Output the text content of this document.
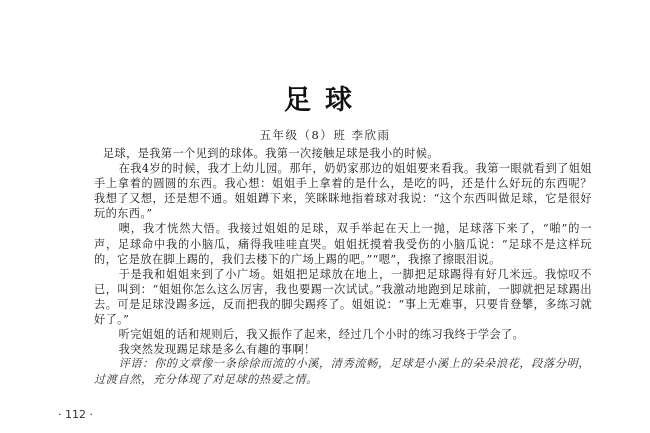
足球
五年级（8）班 李欣雨

足球，是我第一个见到的球体。我第一次接触足球是我小的时候。

在我4岁的时候，我才上幼儿园。那年，奶奶家那边的姐姐要来看我。我第一眼就看到了姐姐手上拿着的圆圆的东西。我心想：姐姐手上拿着的是什么，是吃的吗，还是什么好玩的东西呢？我想了又想，还是想不通。姐姐蹲下来，笑眯眯地指着球对我说：“这个东西叫做足球，它是很好玩的东西。”

噢，我才恍然大悟。我接过姐姐的足球，双手举起在天上一抛，足球落下来了，“啪”的一声，足球命中我的小脑瓜，痛得我哇哇直哭。姐姐抚摸着我受伤的小脑瓜说：“足球不是这样玩的，它是放在脚上踢的，我们去楼下的广场上踢的吧。”“嗯”，我擦了擦眼泪说。

于是我和姐姐来到了小广场。姐姐把足球放在地上，一脚把足球踢得有好几米远。我惊叹不已，叫到：“姐姐你怎么这么厉害，我也要踢一次试试。”我激动地跑到足球前，一脚就把足球踢出去。可是足球没踢多远，反而把我的脚尖踢疼了。姐姐说：“事上无难事，只要肯登攀，多练习就好了。”

听完姐姐的话和规则后，我又振作了起来，经过几个小时的练习我终于学会了。

我突然发现踢足球是多么有趣的事啊！

评语：你的文章像一条徐徐而流的小溪，清秀流畅，足球是小溪上的朵朵浪花，段落分明，过渡自然，充分体现了对足球的热爱之情。
· 112 ·
